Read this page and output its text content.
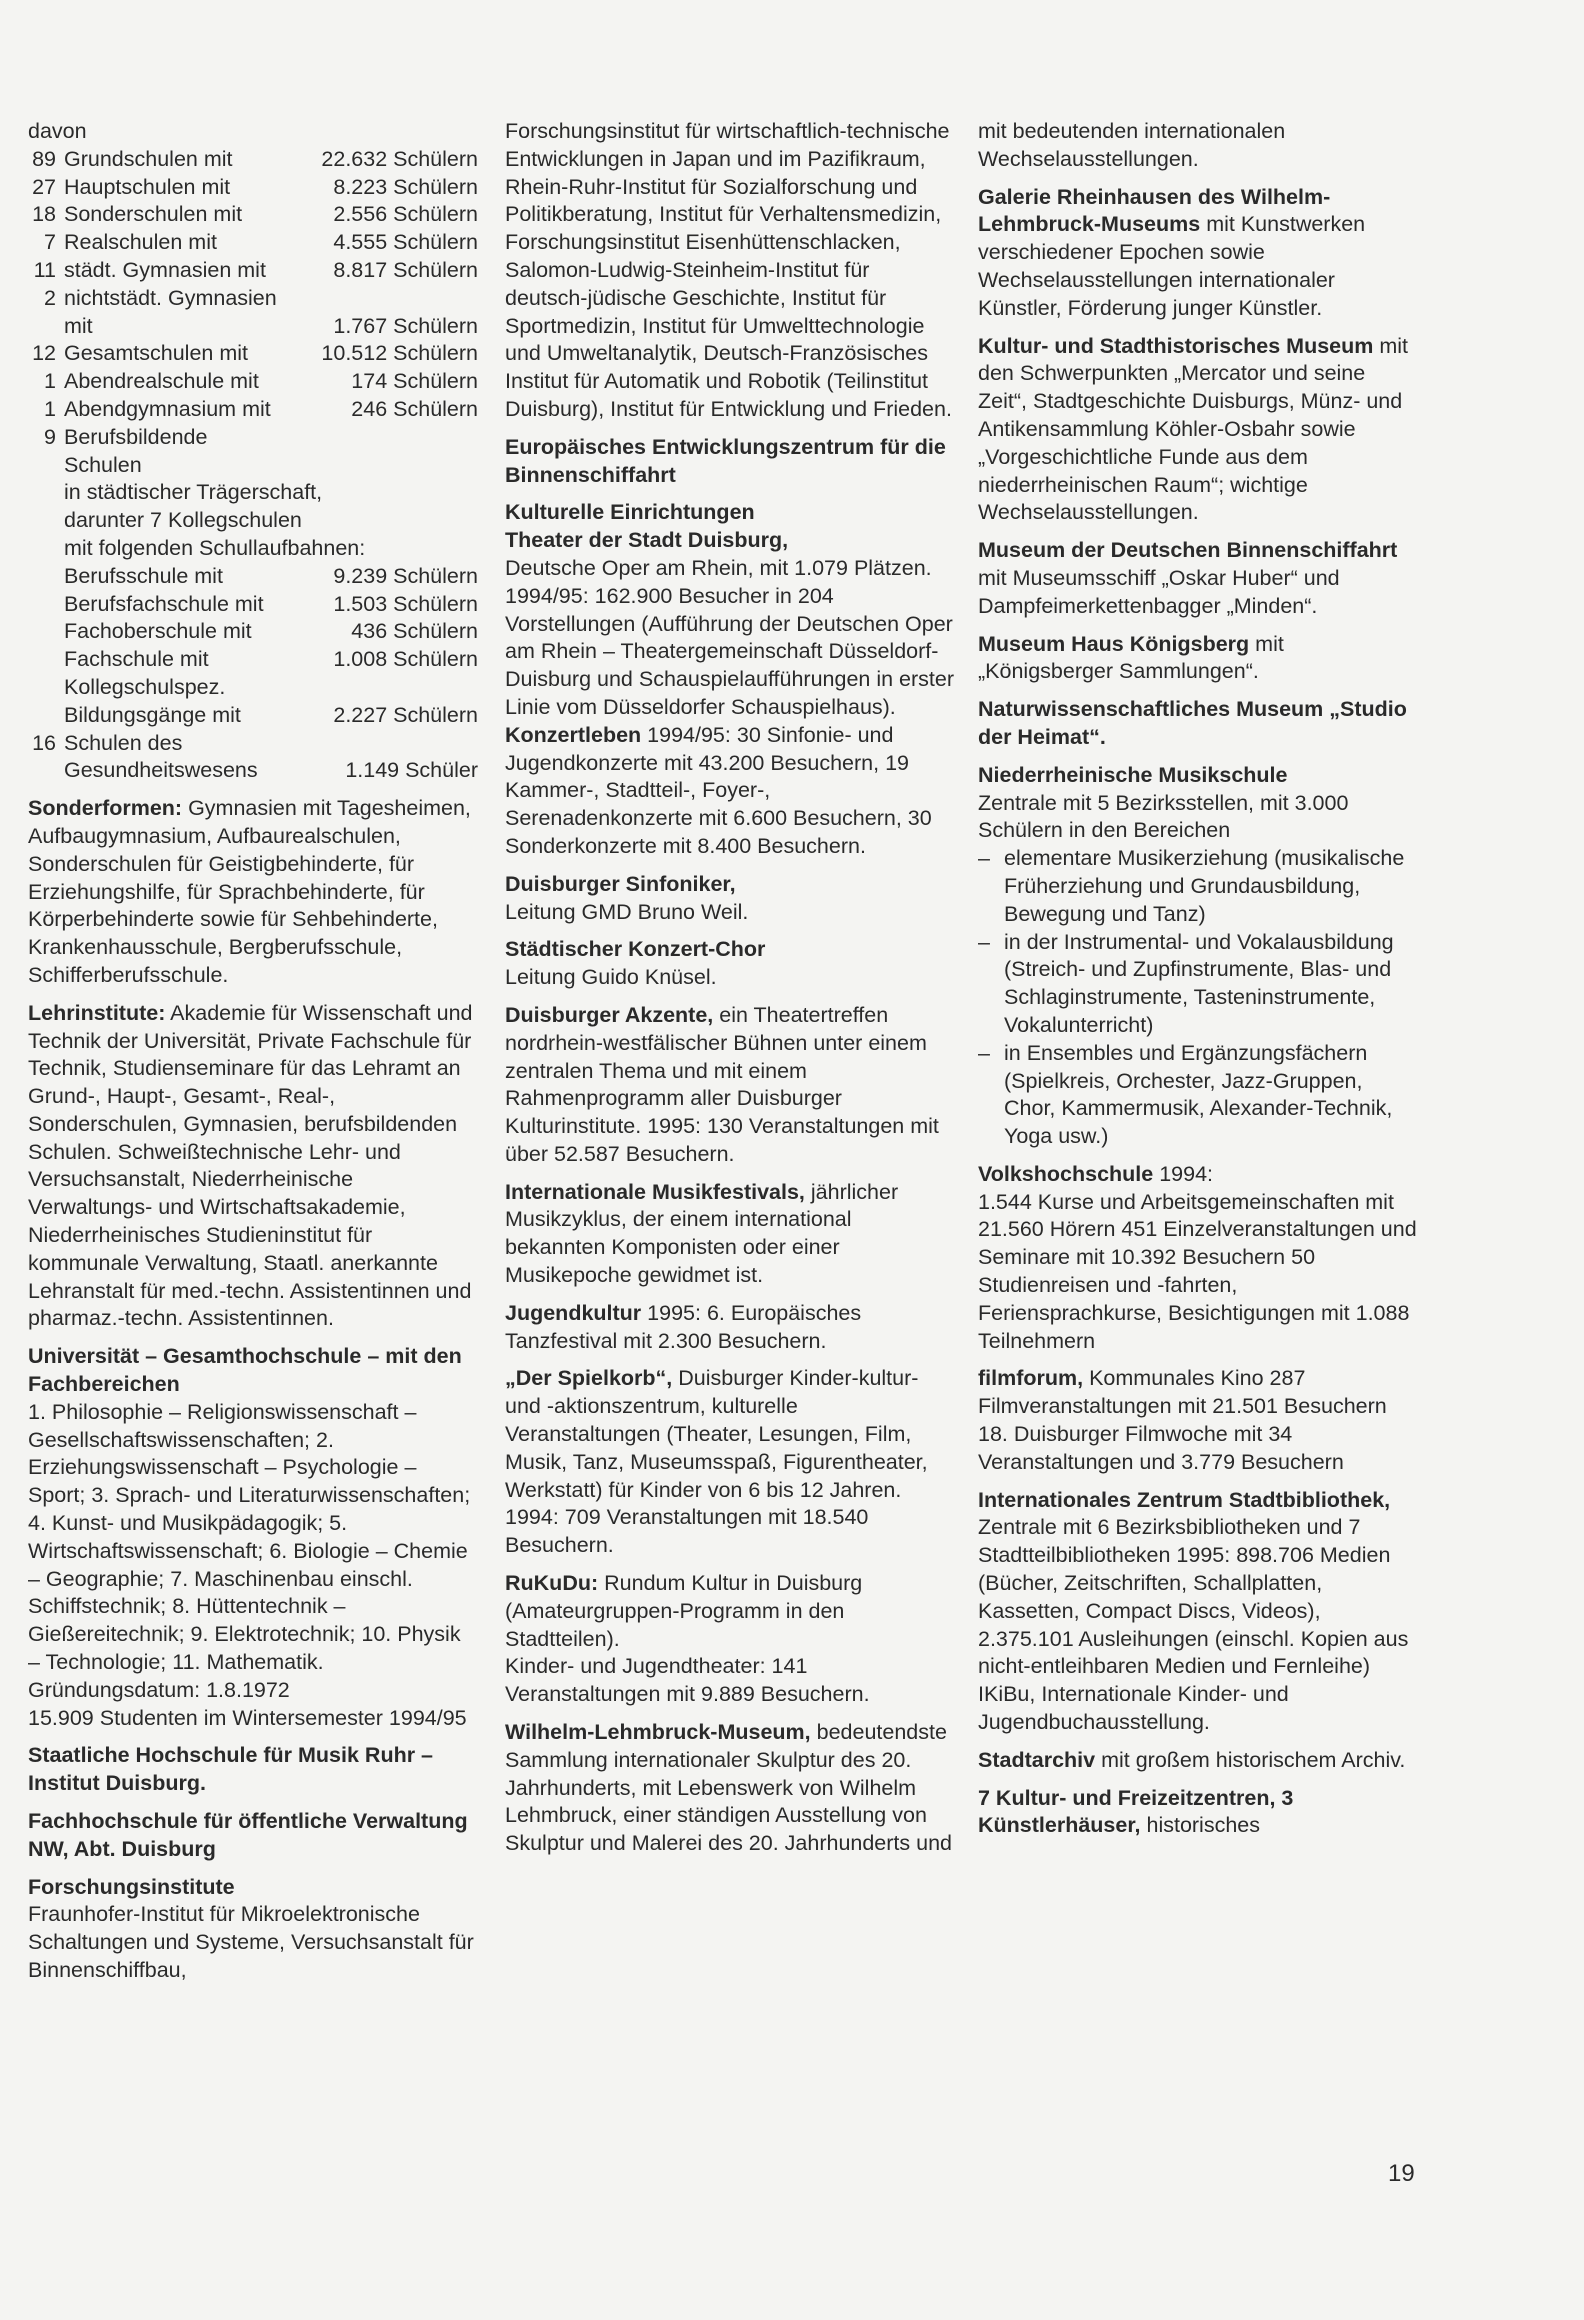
davon

89 Grundschulen mit	22.632 Schülern
27 Hauptschulen mit	8.223 Schülern
18 Sonderschulen mit	2.556 Schülern
7 Realschulen mit	4.555 Schülern
11 städt. Gymnasien mit	8.817 Schülern
2 nichtstädt. Gymnasien
mit	1.767 Schülern
12 Gesamtschulen mit	10.512 Schülern
1 Abendrealschule mit	174 Schülern
1 Abendgymnasium mit	246 Schülern
9 Berufsbildende Schulen
in städtischer Trägerschaft,
darunter 7 Kollegschulen
mit folgenden Schullaufbahnen:
Berufsschule mit	9.239 Schülern
Berufsfachschule mit	1.503 Schülern
Fachoberschule mit	436 Schülern
Fachschule mit	1.008 Schülern
Kollegschulspez.
Bildungsgänge mit	2.227 Schülern
16 Schulen des
Gesundheitswesens	1.149 Schüler

Sonderformen: Gymnasien mit Tagesheimen, Aufbaugymnasium, Aufbaurealschulen, Sonderschulen für Geistigbehinderte, für Erziehungshilfe, für Sprachbehinderte, für Körperbehinderte sowie für Sehbehinderte, Krankenhausschule, Bergberufsschule, Schifferberufsschule.

Lehrinstitute: Akademie für Wissenschaft und Technik der Universität, Private Fachschule für Technik, Studienseminare für das Lehramt an Grund-, Haupt-, Gesamt-, Real-, Sonderschulen, Gymnasien, berufsbildenden Schulen. Schweißtechnische Lehr- und Versuchsanstalt, Niederrheinische Verwaltungs- und Wirtschaftsakademie, Niederrheinisches Studieninstitut für kommunale Verwaltung, Staatl. anerkannte Lehranstalt für med.-techn. Assistentinnen und pharmaz.-techn. Assistentinnen.

Universität – Gesamthochschule – mit den Fachbereichen

1. Philosophie – Religionswissenschaft – Gesellschaftswissenschaften; 2. Erziehungswissenschaft – Psychologie – Sport; 3. Sprach- und Literaturwissenschaften; 4. Kunst- und Musikpädagogik; 5. Wirtschaftswissenschaft; 6. Biologie – Chemie – Geographie; 7. Maschinenbau einschl. Schiffstechnik; 8. Hüttentechnik – Gießereitechnik; 9. Elektrotechnik; 10. Physik – Technologie; 11. Mathematik.

Gründungsdatum: 1.8.1972

15.909 Studenten im Wintersemester 1994/95

Staatliche Hochschule für Musik Ruhr – Institut Duisburg.

Fachhochschule für öffentliche Verwaltung NW, Abt. Duisburg

Forschungsinstitute

Fraunhofer-Institut für Mikroelektronische Schaltungen und Systeme, Versuchsanstalt für Binnenschiffbau,

Forschungsinstitut für wirtschaftlich-technische Entwicklungen in Japan und im Pazifikraum, Rhein-Ruhr-Institut für Sozialforschung und Politikberatung, Institut für Verhaltensmedizin, Forschungsinstitut Eisenhüttenschlacken, Salomon-Ludwig-Steinheim-Institut für deutsch-jüdische Geschichte, Institut für Sportmedizin, Institut für Umwelttechnologie und Umweltanalytik, Deutsch-Französisches Institut für Automatik und Robotik (Teilinstitut Duisburg), Institut für Entwicklung und Frieden.

Europäisches Entwicklungszentrum für die Binnenschiffahrt

Kulturelle Einrichtungen

Theater der Stadt Duisburg,

Deutsche Oper am Rhein, mit 1.079 Plätzen.

1994/95: 162.900 Besucher in 204 Vorstellungen (Aufführung der Deutschen Oper am Rhein – Theatergemeinschaft Düsseldorf-Duisburg und Schauspielaufführungen in erster Linie vom Düsseldorfer Schauspielhaus).

Konzertleben 1994/95: 30 Sinfonie- und Jugendkonzerte mit 43.200 Besuchern, 19 Kammer-, Stadtteil-, Foyer-, Serenadenkonzerte mit 6.600 Besuchern, 30 Sonderkonzerte mit 8.400 Besuchern.

Duisburger Sinfoniker,

Leitung GMD Bruno Weil.

Städtischer Konzert-Chor

Leitung Guido Knüsel.

Duisburger Akzente, ein Theatertreffen nordrhein-westfälischer Bühnen unter einem zentralen Thema und mit einem Rahmenprogramm aller Duisburger Kulturinstitute. 1995: 130 Veranstaltungen mit über 52.587 Besuchern.

Internationale Musikfestivals, jährlicher Musikzyklus, der einem international bekannten Komponisten oder einer Musikepoche gewidmet ist.

Jugendkultur 1995: 6. Europäisches Tanzfestival mit 2.300 Besuchern.

„Der Spielkorb“, Duisburger Kinder-kultur- und -aktionszentrum, kulturelle Veranstaltungen (Theater, Lesungen, Film, Musik, Tanz, Museumsspaß, Figurentheater, Werkstatt) für Kinder von 6 bis 12 Jahren.

1994: 709 Veranstaltungen mit 18.540 Besuchern.

RuKuDu: Rundum Kultur in Duisburg (Amateurgruppen-Programm in den Stadtteilen).

Kinder- und Jugendtheater: 141 Veranstaltungen mit 9.889 Besuchern.

Wilhelm-Lehmbruck-Museum, bedeutendste Sammlung internationaler Skulptur des 20. Jahrhunderts, mit Lebenswerk von Wilhelm Lehmbruck, einer ständigen Ausstellung von Skulptur und Malerei des 20. Jahrhunderts und

mit bedeutenden internationalen Wechselausstellungen.

Galerie Rheinhausen des Wilhelm-Lehmbruck-Museums mit Kunstwerken verschiedener Epochen sowie Wechselausstellungen internationaler Künstler, Förderung junger Künstler.

Kultur- und Stadthistorisches Museum mit den Schwerpunkten „Mercator und seine Zeit“, Stadtgeschichte Duisburgs, Münz- und Antikensammlung Köhler-Osbahr sowie „Vorgeschichtliche Funde aus dem niederrheinischen Raum“; wichtige Wechselausstellungen.

Museum der Deutschen Binnenschiffahrt

mit Museumsschiff „Oskar Huber“ und Dampfeimerkettenbagger „Minden“.

Museum Haus Königsberg mit „Königsberger Sammlungen“.

Naturwissenschaftliches Museum „Studio der Heimat“.

Niederrheinische Musikschule

Zentrale mit 5 Bezirksstellen, mit 3.000 Schülern in den Bereichen

– elementare Musikerziehung (musikalische Früherziehung und Grundausbildung, Bewegung und Tanz)
– in der Instrumental- und Vokalausbildung (Streich- und Zupfinstrumente, Blas- und Schlaginstrumente, Tasteninstrumente, Vokalunterricht)
– in Ensembles und Ergänzungsfächern (Spielkreis, Orchester, Jazz-Gruppen, Chor, Kammermusik, Alexander-Technik, Yoga usw.)

Volkshochschule 1994:

1.544 Kurse und Arbeitsgemeinschaften mit 21.560 Hörern 451 Einzelveranstaltungen und Seminare mit 10.392 Besuchern 50 Studienreisen und -fahrten, Feriensprachkurse, Besichtigungen mit 1.088 Teilnehmern

filmforum, Kommunales Kino 287 Filmveranstaltungen mit 21.501 Besuchern 18. Duisburger Filmwoche mit 34 Veranstaltungen und 3.779 Besuchern

Internationales Zentrum Stadtbibliothek, Zentrale mit 6 Bezirksbibliotheken und 7 Stadtteilbibliotheken 1995: 898.706 Medien (Bücher, Zeitschriften, Schallplatten, Kassetten, Compact Discs, Videos), 2.375.101 Ausleihungen (einschl. Kopien aus nicht-entleihbaren Medien und Fernleihe) IKiBu, Internationale Kinder- und Jugendbuchausstellung.

Stadtarchiv mit großem historischem Archiv.

7 Kultur- und Freizeitzentren, 3 Künstlerhäuser, historisches

19
